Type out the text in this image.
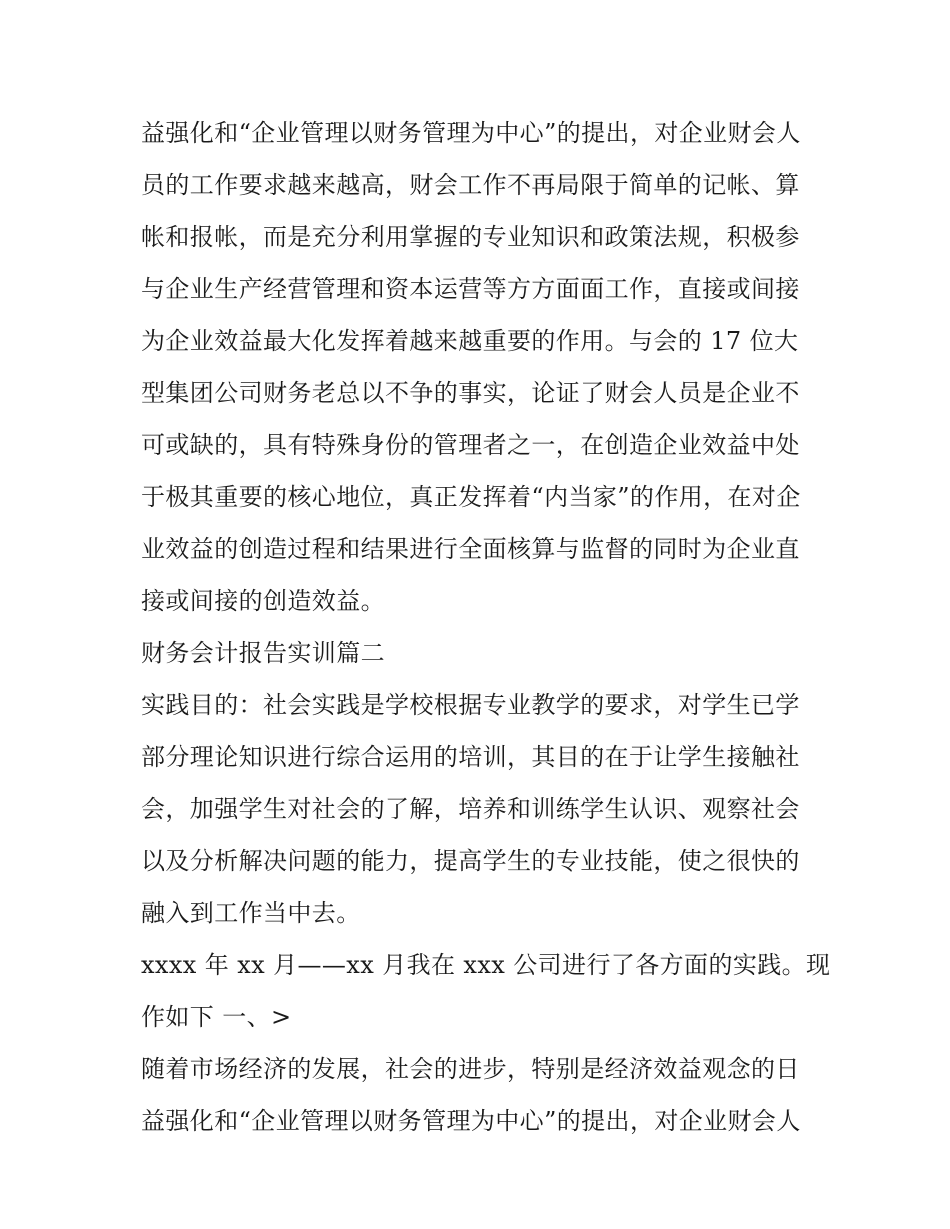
益强化和“企业管理以财务管理为中心”的提出，对企业财会人
员的工作要求越来越高，财会工作不再局限于简单的记帐、算
帐和报帐，而是充分利用掌握的专业知识和政策法规，积极参
与企业生产经营管理和资本运营等方方面面工作，直接或间接
为企业效益最大化发挥着越来越重要的作用。与会的 17 位大
型集团公司财务老总以不争的事实，论证了财会人员是企业不
可或缺的，具有特殊身份的管理者之一，在创造企业效益中处
于极其重要的核心地位，真正发挥着“内当家”的作用，在对企
业效益的创造过程和结果进行全面核算与监督的同时为企业直
接或间接的创造效益。
财务会计报告实训篇二
实践目的：社会实践是学校根据专业教学的要求，对学生已学
部分理论知识进行综合运用的培训，其目的在于让学生接触社
会，加强学生对社会的了解，培养和训练学生认识、观察社会
以及分析解决问题的能力，提高学生的专业技能，使之很快的
融入到工作当中去。
xxxx 年 xx 月——xx 月我在 xxx 公司进行了各方面的实践。现
作如下 一、>
随着市场经济的发展，社会的进步，特别是经济效益观念的日
益强化和“企业管理以财务管理为中心”的提出，对企业财会人
